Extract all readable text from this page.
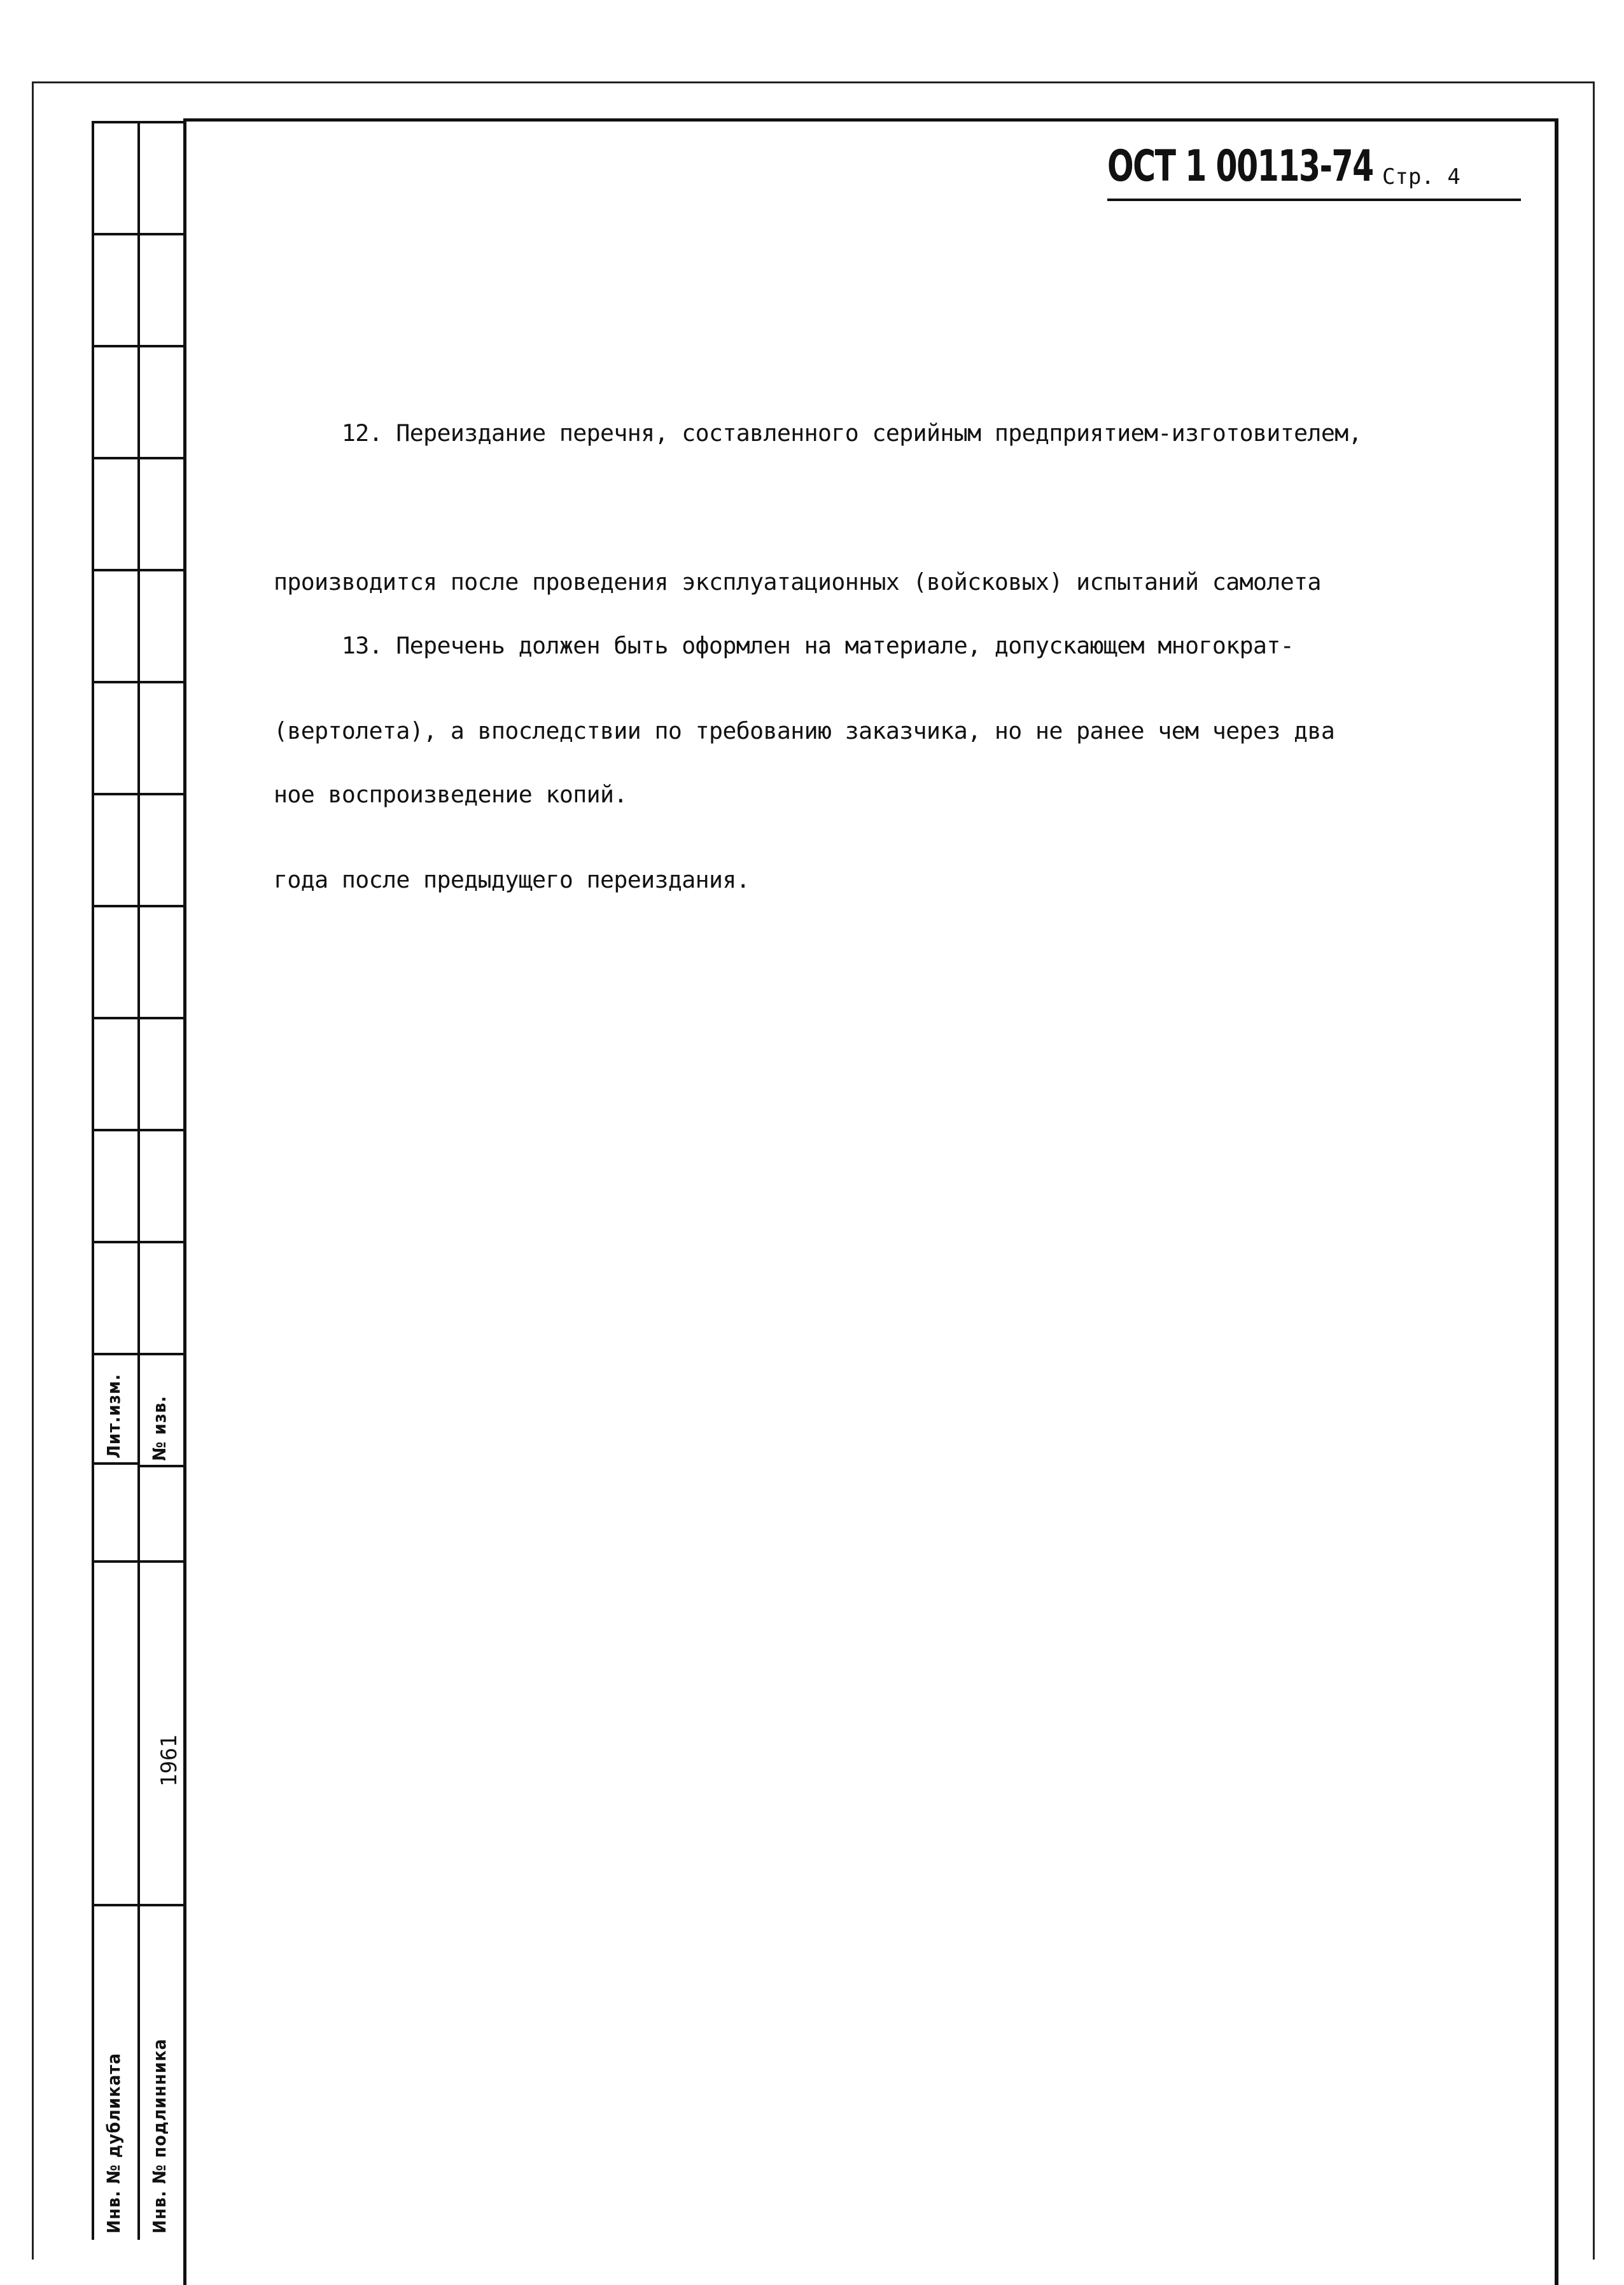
Лит.изм. № изв.
1961
Инв. № дубликата Инв. № подлинника
ОСТ 1 00113-74 Стр. 4

12. Переиздание перечня, составленного серийным предприятием-изготовителем,

производится после проведения эксплуатационных (войсковых) испытаний самолета

(вертолета), а впоследствии по требованию заказчика, но не ранее чем через два

года после предыдущего переиздания.

13. Перечень должен быть оформлен на материале, допускающем многократ-

ное воспроизведение копий.
